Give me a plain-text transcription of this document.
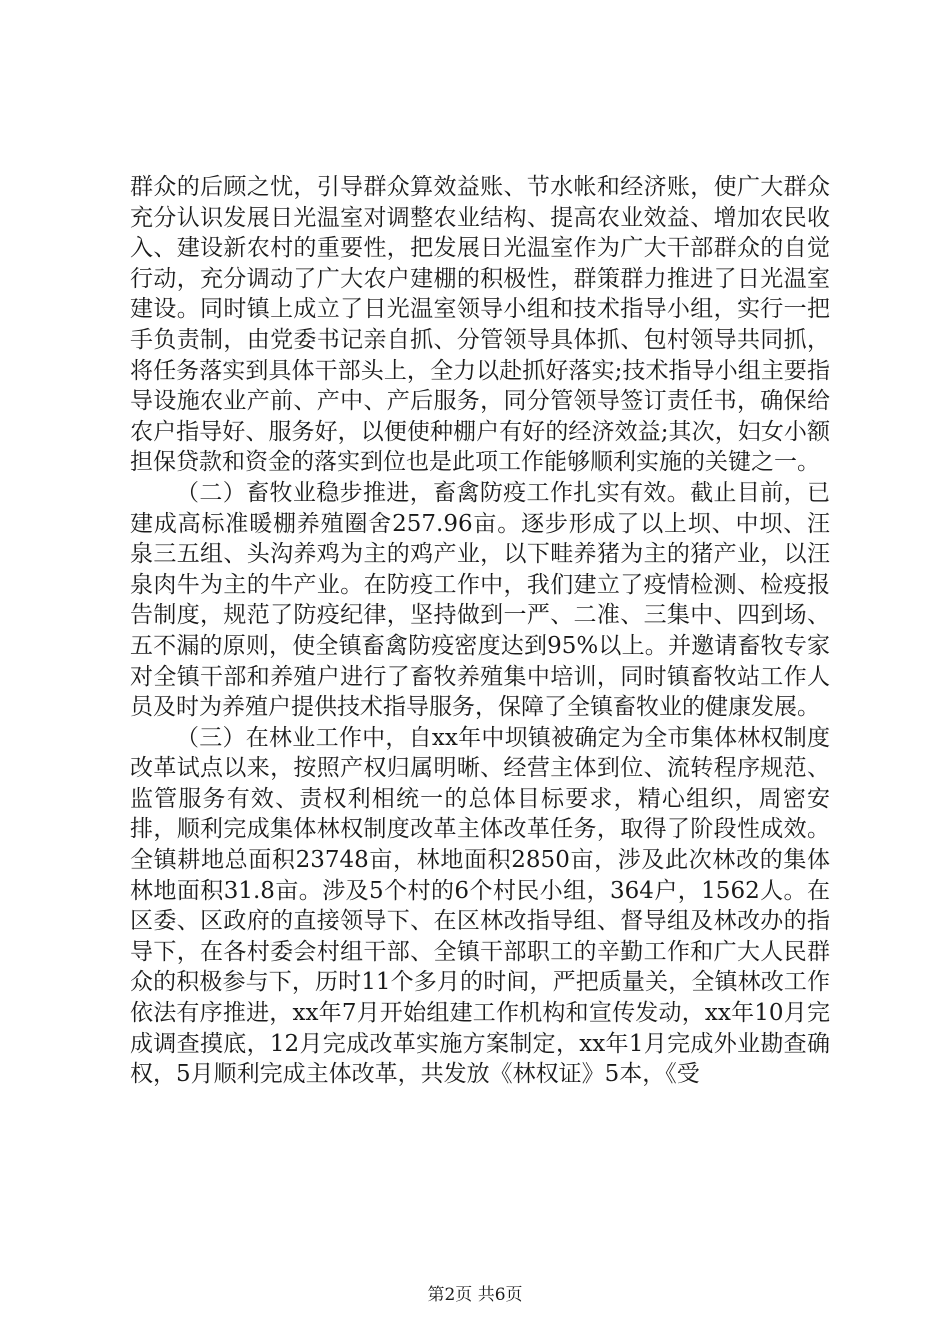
群众的后顾之忧，引导群众算效益账、节水帐和经济账，使广大群众充分认识发展日光温室对调整农业结构、提高农业效益、增加农民收入、建设新农村的重要性，把发展日光温室作为广大干部群众的自觉行动，充分调动了广大农户建棚的积极性，群策群力推进了日光温室建设。同时镇上成立了日光温室领导小组和技术指导小组，实行一把手负责制，由党委书记亲自抓、分管领导具体抓、包村领导共同抓，将任务落实到具体干部头上，全力以赴抓好落实;技术指导小组主要指导设施农业产前、产中、产后服务，同分管领导签订责任书，确保给农户指导好、服务好，以便使种棚户有好的经济效益;其次，妇女小额担保贷款和资金的落实到位也是此项工作能够顺利实施的关键之一。

（二）畜牧业稳步推进，畜禽防疫工作扎实有效。截止目前，已建成高标准暖棚养殖圈舍257.96亩。逐步形成了以上坝、中坝、汪泉三五组、头沟养鸡为主的鸡产业，以下畦养猪为主的猪产业，以汪泉肉牛为主的牛产业。在防疫工作中，我们建立了疫情检测、检疫报告制度，规范了防疫纪律，坚持做到一严、二准、三集中、四到场、五不漏的原则，使全镇畜禽防疫密度达到95%以上。并邀请畜牧专家对全镇干部和养殖户进行了畜牧养殖集中培训，同时镇畜牧站工作人员及时为养殖户提供技术指导服务，保障了全镇畜牧业的健康发展。

（三）在林业工作中，自xx年中坝镇被确定为全市集体林权制度改革试点以来，按照产权归属明晰、经营主体到位、流转程序规范、监管服务有效、责权利相统一的总体目标要求，精心组织，周密安排，顺利完成集体林权制度改革主体改革任务，取得了阶段性成效。全镇耕地总面积23748亩，林地面积2850亩，涉及此次林改的集体林地面积31.8亩。涉及5个村的6个村民小组，364户，1562人。在区委、区政府的直接领导下、在区林改指导组、督导组及林改办的指导下，在各村委会村组干部、全镇干部职工的辛勤工作和广大人民群众的积极参与下，历时11个多月的时间，严把质量关，全镇林改工作依法有序推进，xx年7月开始组建工作机构和宣传发动，xx年10月完成调查摸底，12月完成改革实施方案制定，xx年1月完成外业勘查确权，5月顺利完成主体改革，共发放《林权证》5本，《受

第2页 共6页
